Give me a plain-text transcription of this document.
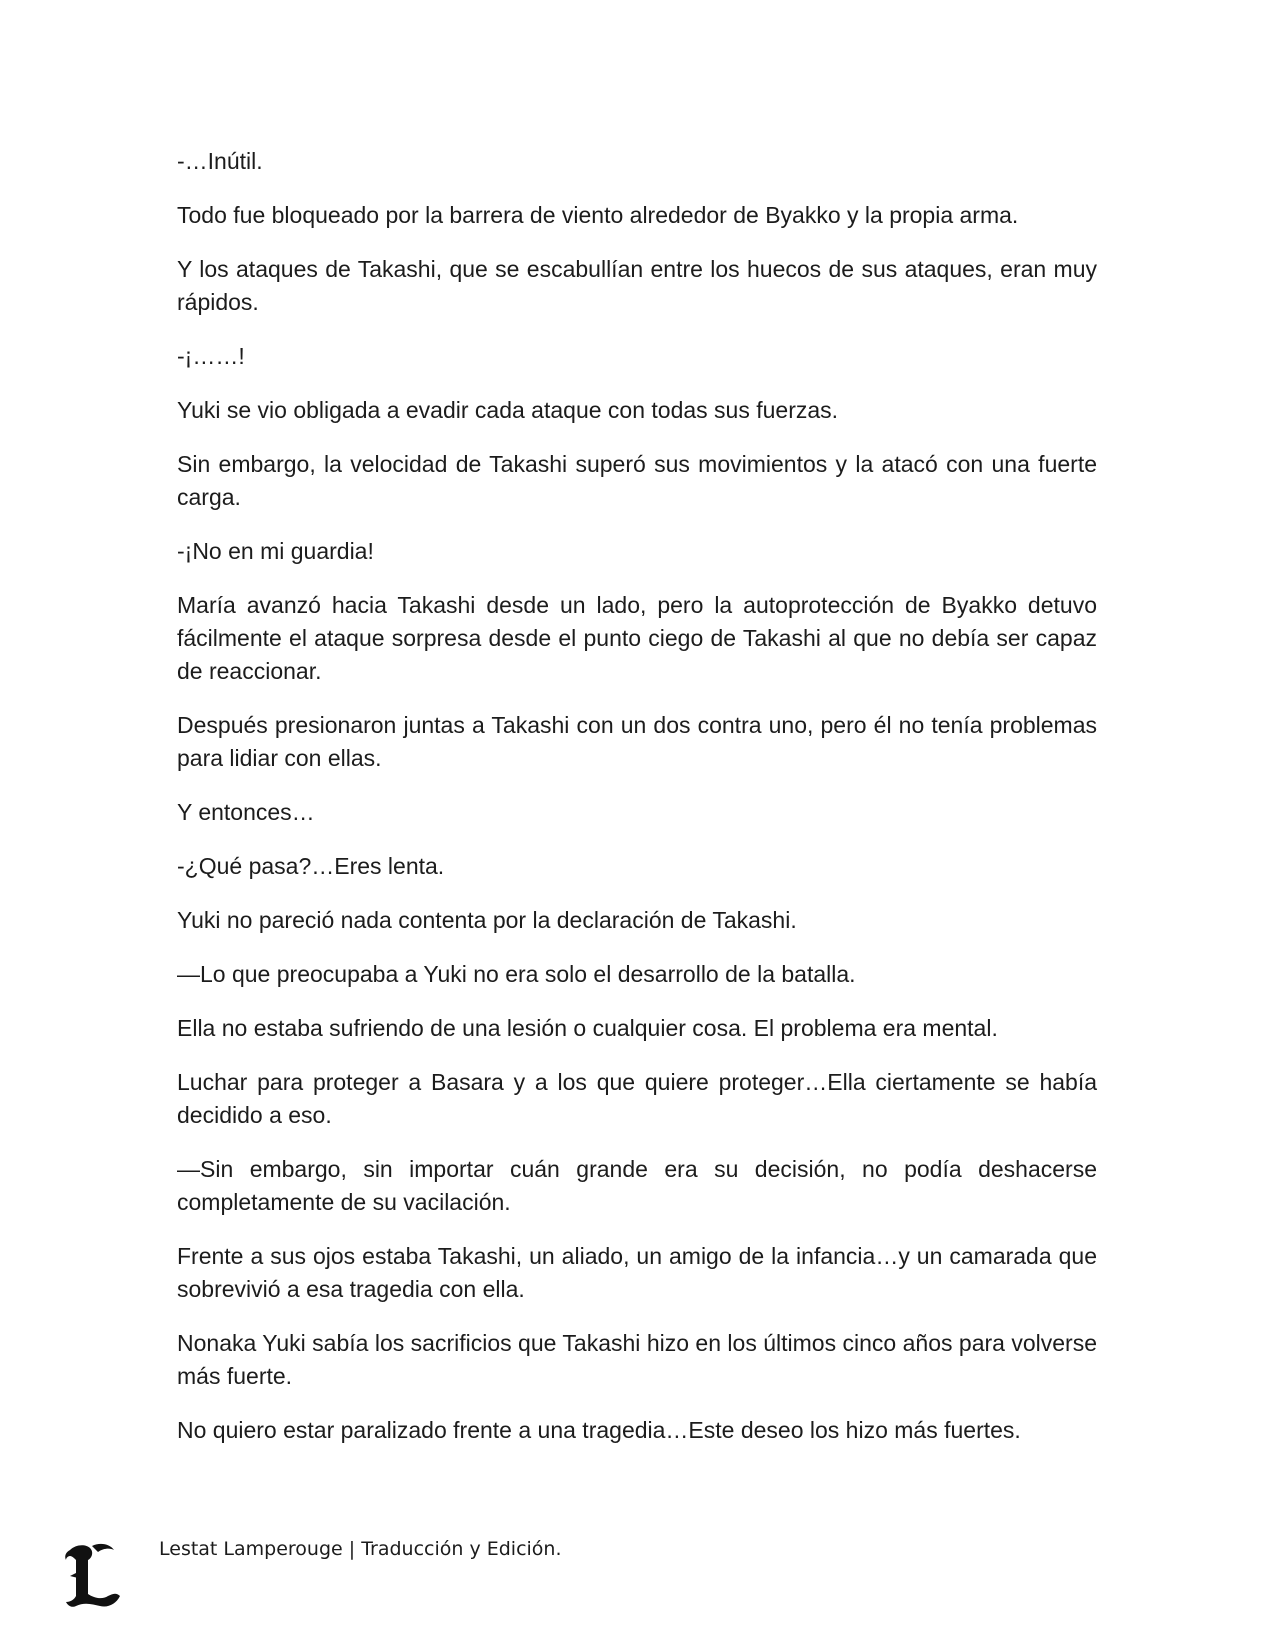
-…Inútil.

Todo fue bloqueado por la barrera de viento alrededor de Byakko y la propia arma.

Y los ataques de Takashi, que se escabullían entre los huecos de sus ataques, eran muy rápidos.

-¡……!

Yuki se vio obligada a evadir cada ataque con todas sus fuerzas.

Sin embargo, la velocidad de Takashi superó sus movimientos y la atacó con una fuerte carga.

-¡No en mi guardia!

María avanzó hacia Takashi desde un lado, pero la autoprotección de Byakko detuvo fácilmente el ataque sorpresa desde el punto ciego de Takashi al que no debía ser capaz de reaccionar.

Después presionaron juntas a Takashi con un dos contra uno, pero él no tenía problemas para lidiar con ellas.

Y entonces…

-¿Qué pasa?…Eres lenta.

Yuki no pareció nada contenta por la declaración de Takashi.

—Lo que preocupaba a Yuki no era solo el desarrollo de la batalla.

Ella no estaba sufriendo de una lesión o cualquier cosa. El problema era mental.

Luchar para proteger a Basara y a los que quiere proteger…Ella ciertamente se había decidido a eso.

—Sin embargo, sin importar cuán grande era su decisión, no podía deshacerse completamente de su vacilación.

Frente a sus ojos estaba Takashi, un aliado, un amigo de la infancia…y un camarada que sobrevivió a esa tragedia con ella.

Nonaka Yuki sabía los sacrificios que Takashi hizo en los últimos cinco años para volverse más fuerte.

No quiero estar paralizado frente a una tragedia…Este deseo los hizo más fuertes.

Lestat Lamperouge | Traducción y Edición.
